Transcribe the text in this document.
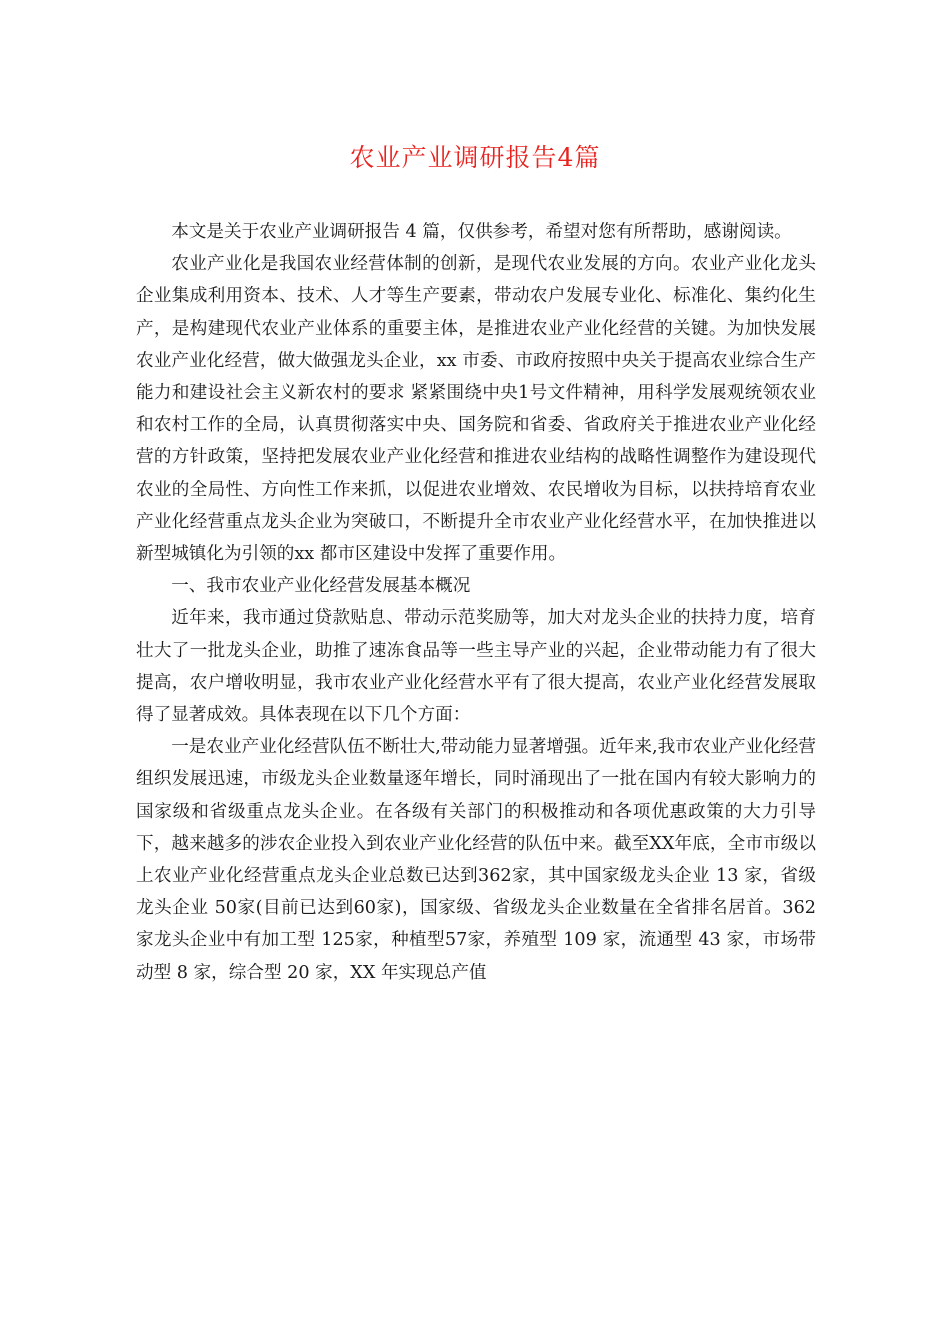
农业产业调研报告4篇

本文是关于农业产业调研报告 4 篇，仅供参考，希望对您有所帮助，感谢阅读。

农业产业化是我国农业经营体制的创新，是现代农业发展的方向。农业产业化龙头企业集成利用资本、技术、人才等生产要素，带动农户发展专业化、标准化、集约化生产，是构建现代农业产业体系的重要主体，是推进农业产业化经营的关键。为加快发展农业产业化经营，做大做强龙头企业，xx 市委、市政府按照中央关于提高农业综合生产能力和建设社会主义新农村的要求 紧紧围绕中央1号文件精神，用科学发展观统领农业和农村工作的全局，认真贯彻落实中央、国务院和省委、省政府关于推进农业产业化经营的方针政策，坚持把发展农业产业化经营和推进农业结构的战略性调整作为建设现代农业的全局性、方向性工作来抓，以促进农业增效、农民增收为目标，以扶持培育农业产业化经营重点龙头企业为突破口，不断提升全市农业产业化经营水平，在加快推进以新型城镇化为引领的xx 都市区建设中发挥了重要作用。

一、我市农业产业化经营发展基本概况

近年来，我市通过贷款贴息、带动示范奖励等，加大对龙头企业的扶持力度，培育壮大了一批龙头企业，助推了速冻食品等一些主导产业的兴起，企业带动能力有了很大提高，农户增收明显，我市农业产业化经营水平有了很大提高，农业产业化经营发展取得了显著成效。具体表现在以下几个方面：

一是农业产业化经营队伍不断壮大,带动能力显著增强。近年来,我市农业产业化经营组织发展迅速，市级龙头企业数量逐年增长，同时涌现出了一批在国内有较大影响力的国家级和省级重点龙头企业。在各级有关部门的积极推动和各项优惠政策的大力引导下，越来越多的涉农企业投入到农业产业化经营的队伍中来。截至XX年底，全市市级以上农业产业化经营重点龙头企业总数已达到362家，其中国家级龙头企业 13 家，省级龙头企业 50家(目前已达到60家)，国家级、省级龙头企业数量在全省排名居首。362 家龙头企业中有加工型 125家，种植型57家，养殖型 109 家，流通型 43 家，市场带动型 8 家，综合型 20 家，XX 年实现总产值
